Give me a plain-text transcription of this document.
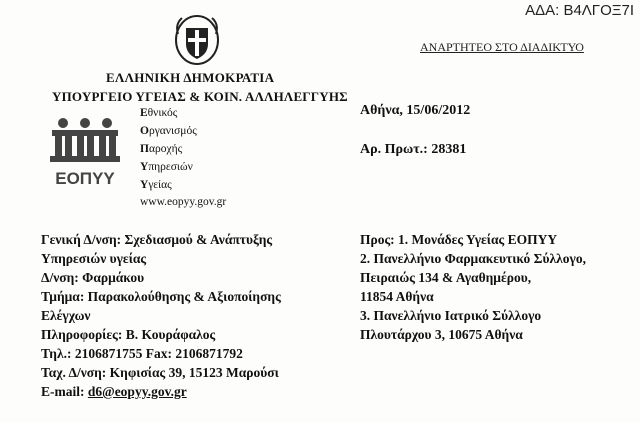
ΑΔΑ: Β4ΛΓΟΞ7Ι
ΑΝΑΡΤΗΤΕΟ ΣΤΟ ΔΙΑΔΙΚΤΥΟ
ΕΛΛΗΝΙΚΗ ΔΗΜΟΚΡΑΤΙΑ
ΥΠΟΥΡΓΕΙΟ ΥΓΕΙΑΣ & ΚΟΙΝ. ΑΛΛΗΛΕΓΓΥΗΣ
ΕΟΠΥΥ
Εθνικός
Οργανισμός
Παροχής
Υπηρεσιών
Υγείας
www.eopyy.gov.gr
Αθήνα, 15/06/2012
Αρ. Πρωτ.: 28381
Γενική Δ/νση: Σχεδιασμού & Ανάπτυξης
Υπηρεσιών υγείας
Δ/νση: Φαρμάκου
Τμήμα: Παρακολούθησης & Αξιοποίησης
Ελέγχων
Πληροφορίες: Β. Κουράφαλος
Τηλ.: 2106871755 Fax: 2106871792
Ταχ. Δ/νση: Κηφισίας 39, 15123 Μαρούσι
E-mail: d6@eopyy.gov.gr
Προς: 1. Μονάδες Υγείας ΕΟΠΥΥ
2. Πανελλήνιο Φαρμακευτικό Σύλλογο,
Πειραιώς 134 & Αγαθημέρου,
11854 Αθήνα
3. Πανελλήνιο Ιατρικό Σύλλογο
Πλουτάρχου 3, 10675 Αθήνα
